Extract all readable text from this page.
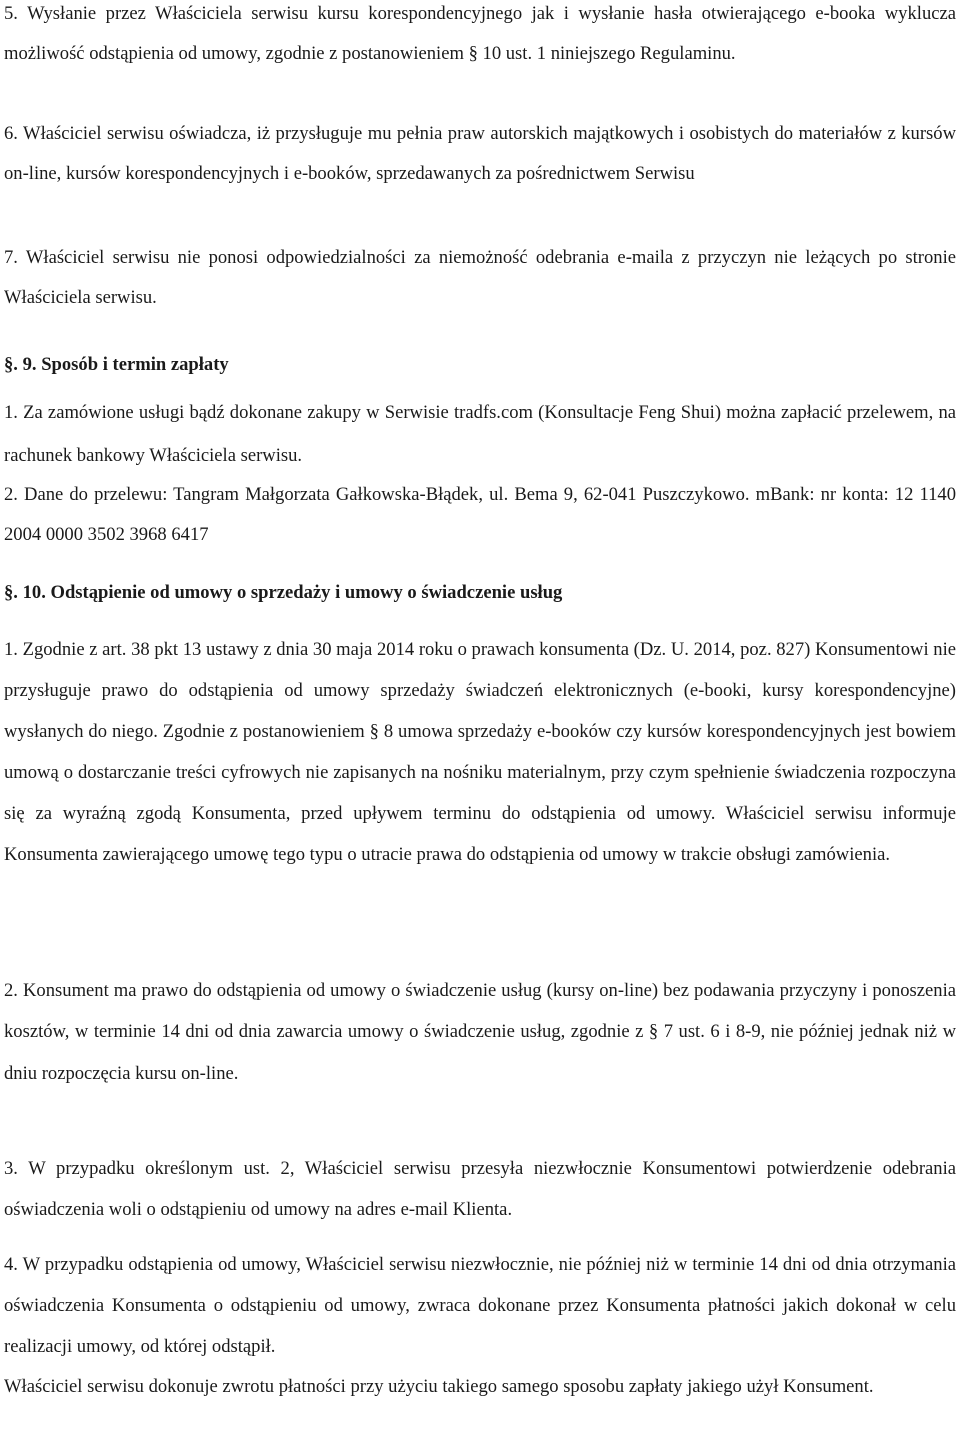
5. Wysłanie przez Właściciela serwisu kursu korespondencyjnego jak i wysłanie hasła otwierającego e-booka wyklucza możliwość odstąpienia od umowy, zgodnie z postanowieniem § 10 ust. 1 niniejszego Regulaminu.

6. Właściciel serwisu oświadcza, iż przysługuje mu pełnia praw autorskich majątkowych i osobistych do materiałów z kursów on-line, kursów korespondencyjnych i e-booków, sprzedawanych za pośrednictwem Serwisu

7. Właściciel serwisu nie ponosi odpowiedzialności za niemożność odebrania e-maila z przyczyn nie leżących po stronie Właściciela serwisu.

§. 9. Sposób i termin zapłaty

1. Za zamówione usługi bądź dokonane zakupy w Serwisie tradfs.com (Konsultacje Feng Shui) można zapłacić przelewem, na rachunek bankowy Właściciela serwisu.

2. Dane do przelewu: Tangram Małgorzata Gałkowska-Błądek, ul. Bema 9, 62-041 Puszczykowo. mBank: nr konta: 12 1140 2004 0000 3502 3968 6417

§. 10. Odstąpienie od umowy o sprzedaży i umowy o świadczenie usług

1. Zgodnie z art. 38 pkt 13 ustawy z dnia 30 maja 2014 roku o prawach konsumenta (Dz. U. 2014, poz. 827) Konsumentowi nie przysługuje prawo do odstąpienia od umowy sprzedaży świadczeń elektronicznych (e-booki, kursy korespondencyjne) wysłanych do niego. Zgodnie z postanowieniem § 8 umowa sprzedaży e-booków czy kursów korespondencyjnych jest bowiem umową o dostarczanie treści cyfrowych nie zapisanych na nośniku materialnym, przy czym spełnienie świadczenia rozpoczyna się za wyraźną zgodą Konsumenta, przed upływem terminu do odstąpienia od umowy. Właściciel serwisu informuje Konsumenta zawierającego umowę tego typu o utracie prawa do odstąpienia od umowy w trakcie obsługi zamówienia.

2. Konsument ma prawo do odstąpienia od umowy o świadczenie usług (kursy on-line) bez podawania przyczyny i ponoszenia kosztów, w terminie 14 dni od dnia zawarcia umowy o świadczenie usług, zgodnie z § 7 ust. 6 i 8-9, nie później jednak niż w dniu rozpoczęcia kursu on-line.

3. W przypadku określonym ust. 2, Właściciel serwisu przesyła niezwłocznie Konsumentowi potwierdzenie odebrania oświadczenia woli o odstąpieniu od umowy na adres e-mail Klienta.

4. W przypadku odstąpienia od umowy, Właściciel serwisu niezwłocznie, nie później niż w terminie 14 dni od dnia otrzymania oświadczenia Konsumenta o odstąpieniu od umowy, zwraca dokonane przez Konsumenta płatności jakich dokonał w celu realizacji umowy, od której odstąpił.

Właściciel serwisu dokonuje zwrotu płatności przy użyciu takiego samego sposobu zapłaty jakiego użył Konsument.
